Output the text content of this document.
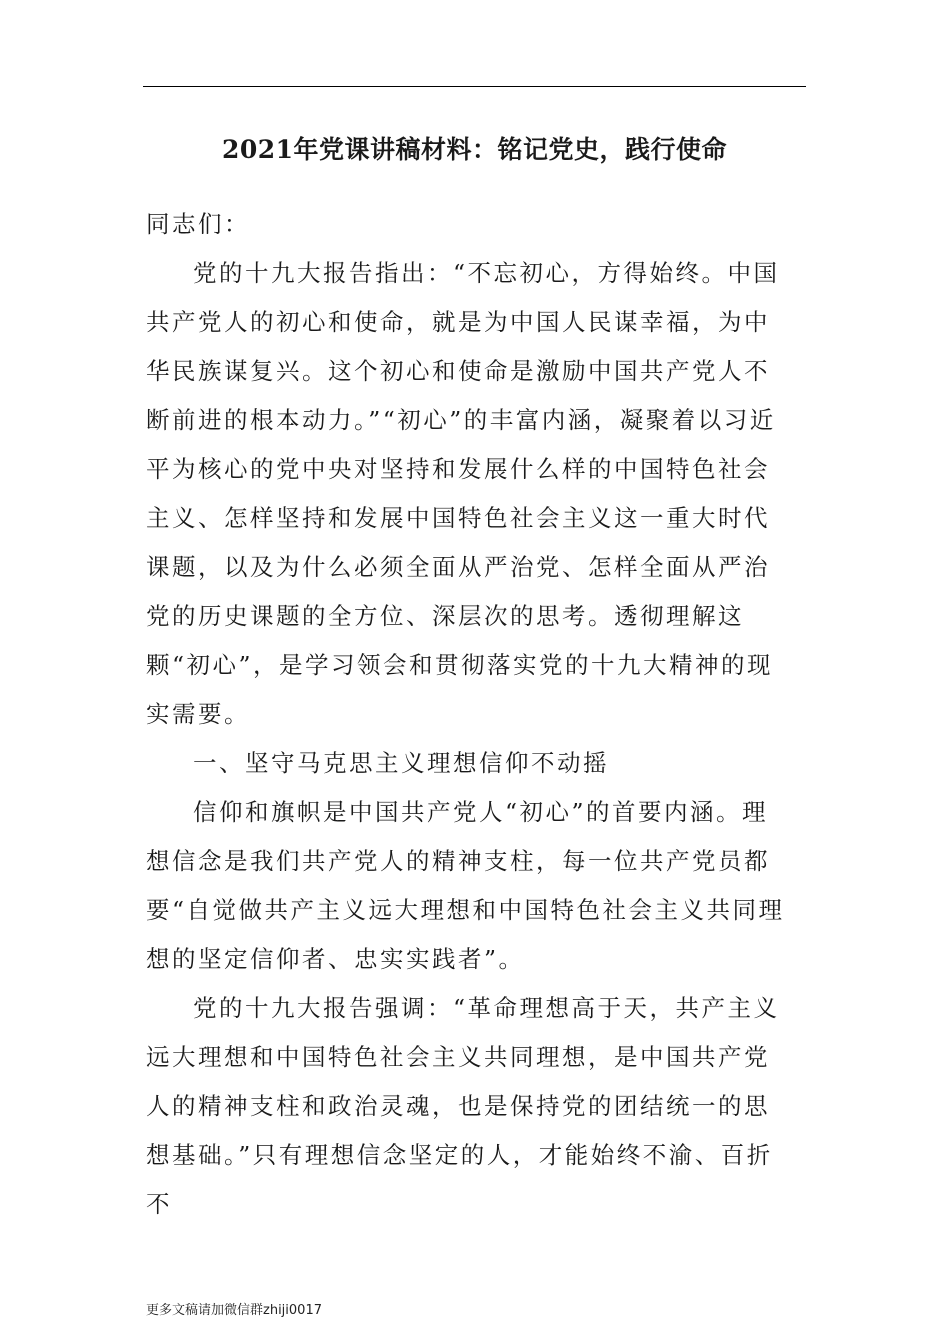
2021年党课讲稿材料：铭记党史，践行使命

同志们：

党的十九大报告指出：“不忘初心，方得始终。中国共产党人的初心和使命，就是为中国人民谋幸福，为中华民族谋复兴。这个初心和使命是激励中国共产党人不断前进的根本动力。”“初心”的丰富内涵，凝聚着以习近平为核心的党中央对坚持和发展什么样的中国特色社会主义、怎样坚持和发展中国特色社会主义这一重大时代课题，以及为什么必须全面从严治党、怎样全面从严治党的历史课题的全方位、深层次的思考。透彻理解这颗“初心”，是学习领会和贯彻落实党的十九大精神的现实需要。

一、坚守马克思主义理想信仰不动摇

信仰和旗帜是中国共产党人“初心”的首要内涵。理想信念是我们共产党人的精神支柱，每一位共产党员都要“自觉做共产主义远大理想和中国特色社会主义共同理想的坚定信仰者、忠实实践者”。

党的十九大报告强调：“革命理想高于天，共产主义远大理想和中国特色社会主义共同理想，是中国共产党人的精神支柱和政治灵魂，也是保持党的团结统一的思想基础。”只有理想信念坚定的人，才能始终不渝、百折不

更多文稿请加微信群zhiji0017
